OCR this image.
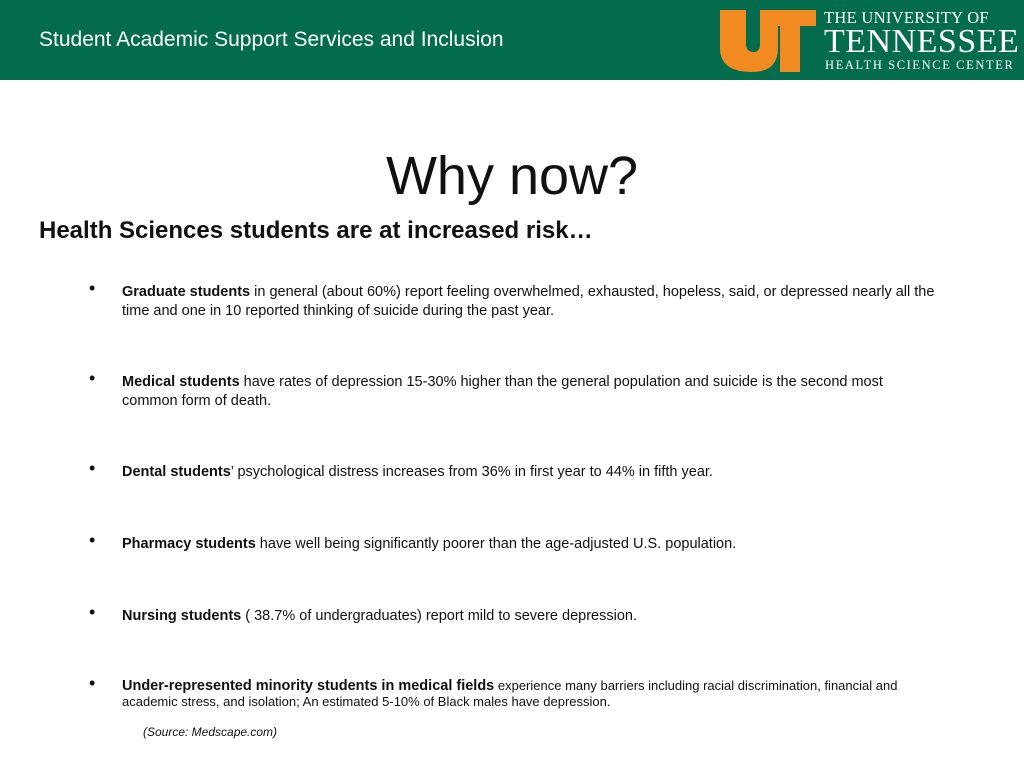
Student Academic Support Services and Inclusion
THE UNIVERSITY OF
TENNESSEE
HEALTH SCIENCE CENTER
Why now?
Health Sciences students are at increased risk…
• Graduate students in general (about 60%) report feeling overwhelmed, exhausted, hopeless, said, or depressed nearly all the time and one in 10 reported thinking of suicide during the past year.
• Medical students have rates of depression 15-30% higher than the general population and suicide is the second most common form of death.
• Dental students’ psychological distress increases from 36% in first year to 44% in fifth year.
• Pharmacy students have well being significantly poorer than the age-adjusted U.S. population.
• Nursing students ( 38.7% of undergraduates) report mild to severe depression.
• Under-represented minority students in medical fields experience many barriers including racial discrimination, financial and academic stress, and isolation; An estimated 5-10% of Black males have depression.
(Source: Medscape.com)
